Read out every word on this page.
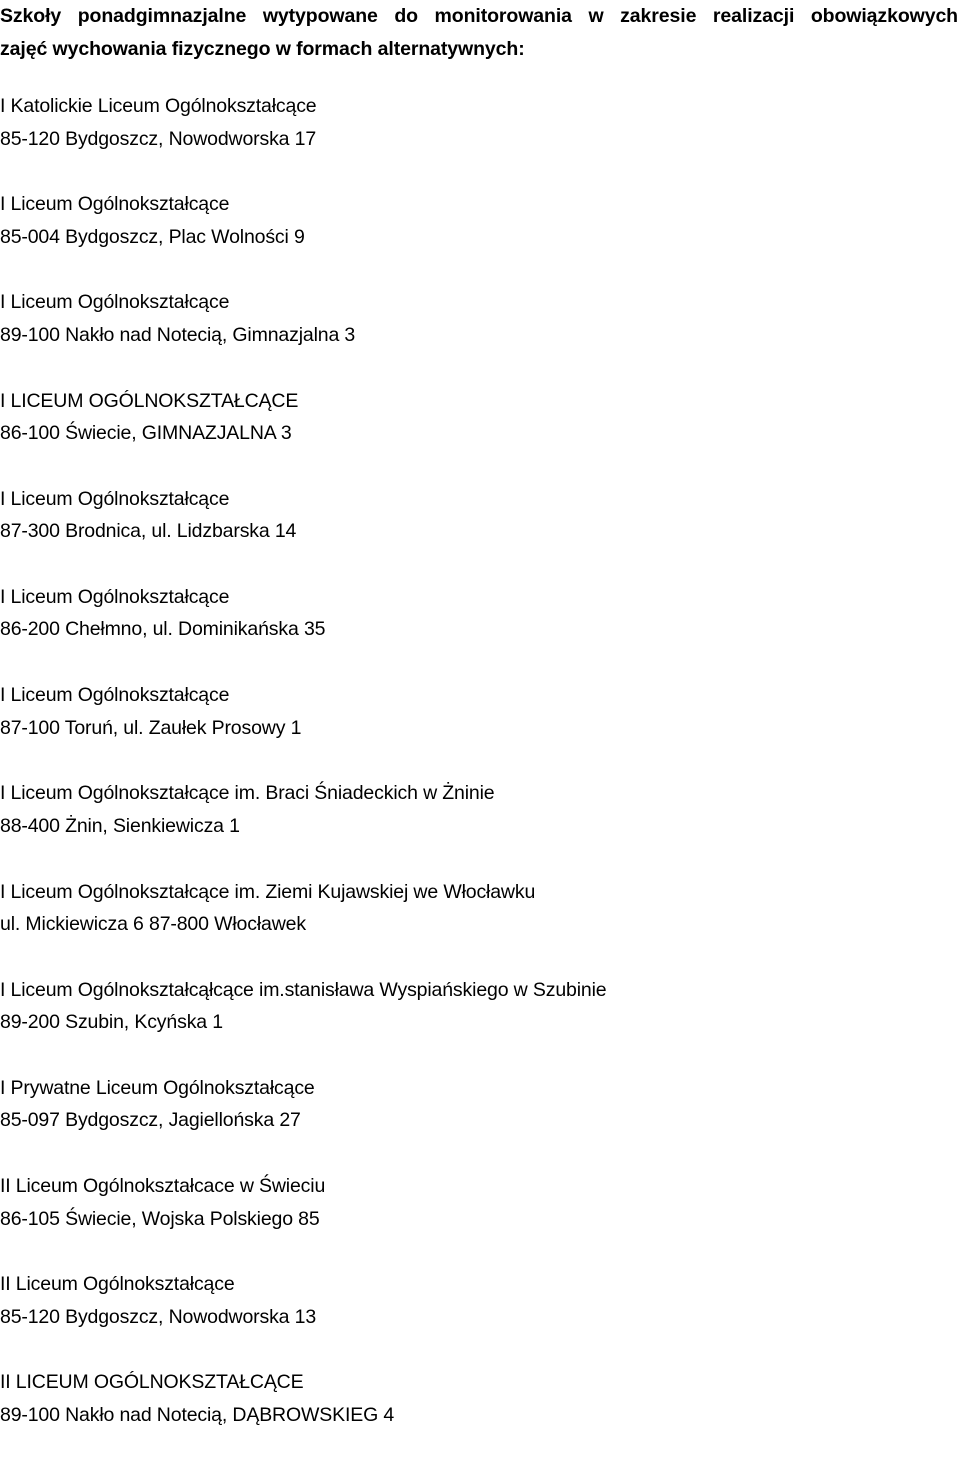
Szkoły ponadgimnazjalne wytypowane do monitorowania w zakresie realizacji obowiązkowych
zajęć wychowania fizycznego w formach alternatywnych:
I Katolickie Liceum Ogólnokształcące
85-120 Bydgoszcz, Nowodworska 17
I Liceum Ogólnokształcące
85-004 Bydgoszcz, Plac Wolności 9
I Liceum Ogólnokształcące
89-100 Nakło nad Notecią, Gimnazjalna 3
I LICEUM OGÓLNOKSZTAŁCĄCE
86-100 Świecie, GIMNAZJALNA 3
I Liceum Ogólnokształcące
87-300 Brodnica, ul. Lidzbarska 14
I Liceum Ogólnokształcące
86-200 Chełmno, ul. Dominikańska 35
I Liceum Ogólnokształcące
87-100 Toruń, ul. Zaułek Prosowy 1
I Liceum Ogólnokształcące im. Braci Śniadeckich w Żninie
88-400 Żnin, Sienkiewicza 1
I Liceum Ogólnokształcące im. Ziemi Kujawskiej we Włocławku
ul. Mickiewicza 6 87-800 Włocławek
I Liceum Ogólnokształcąłcące im.stanisława Wyspiańskiego w Szubinie
89-200 Szubin, Kcyńska 1
I Prywatne Liceum Ogólnokształcące
85-097 Bydgoszcz, Jagiellońska 27
II Liceum Ogólnokształcace w Świeciu
86-105 Świecie, Wojska Polskiego 85
II Liceum Ogólnokształcące
85-120 Bydgoszcz, Nowodworska 13
II LICEUM OGÓLNOKSZTAŁCĄCE
89-100 Nakło nad Notecią, DĄBROWSKIEG 4
